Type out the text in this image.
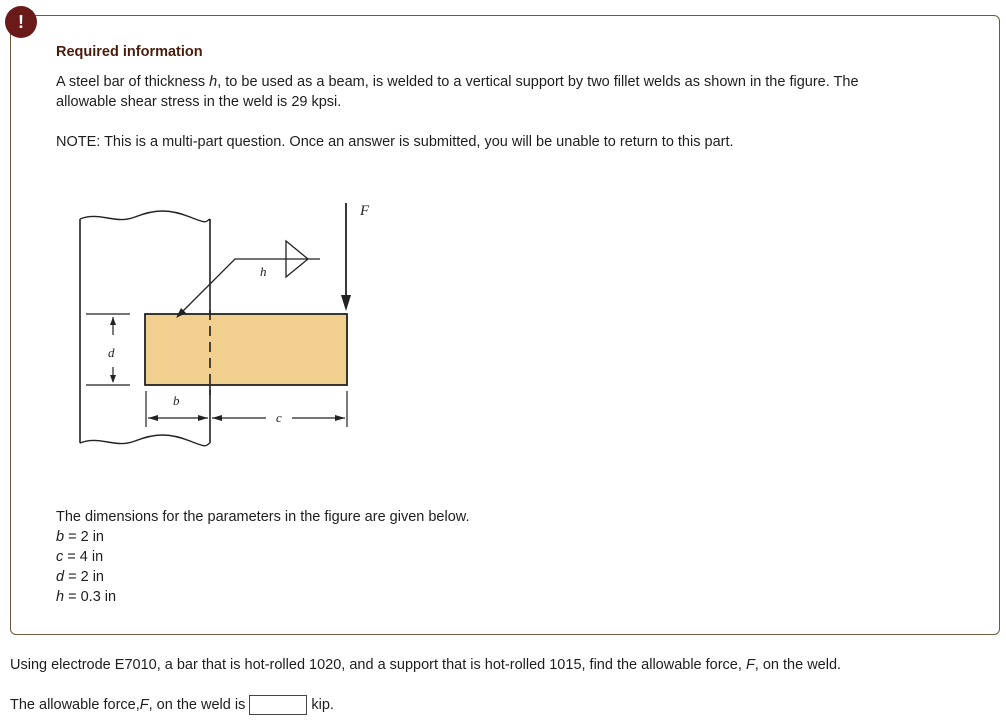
!
Required information
A steel bar of thickness h, to be used as a beam, is welded to a vertical support by two fillet welds as shown in the figure. The allowable shear stress in the weld is 29 kpsi.
NOTE: This is a multi-part question. Once an answer is submitted, you will be unable to return to this part.
h
F
d
b
c
The dimensions for the parameters in the figure are given below.
b = 2 in
c = 4 in
d = 2 in
h = 0.3 in
Using electrode E7010, a bar that is hot-rolled 1020, and a support that is hot-rolled 1015, find the allowable force, F, on the weld.
The allowable force, F , on the weld is	kip.
